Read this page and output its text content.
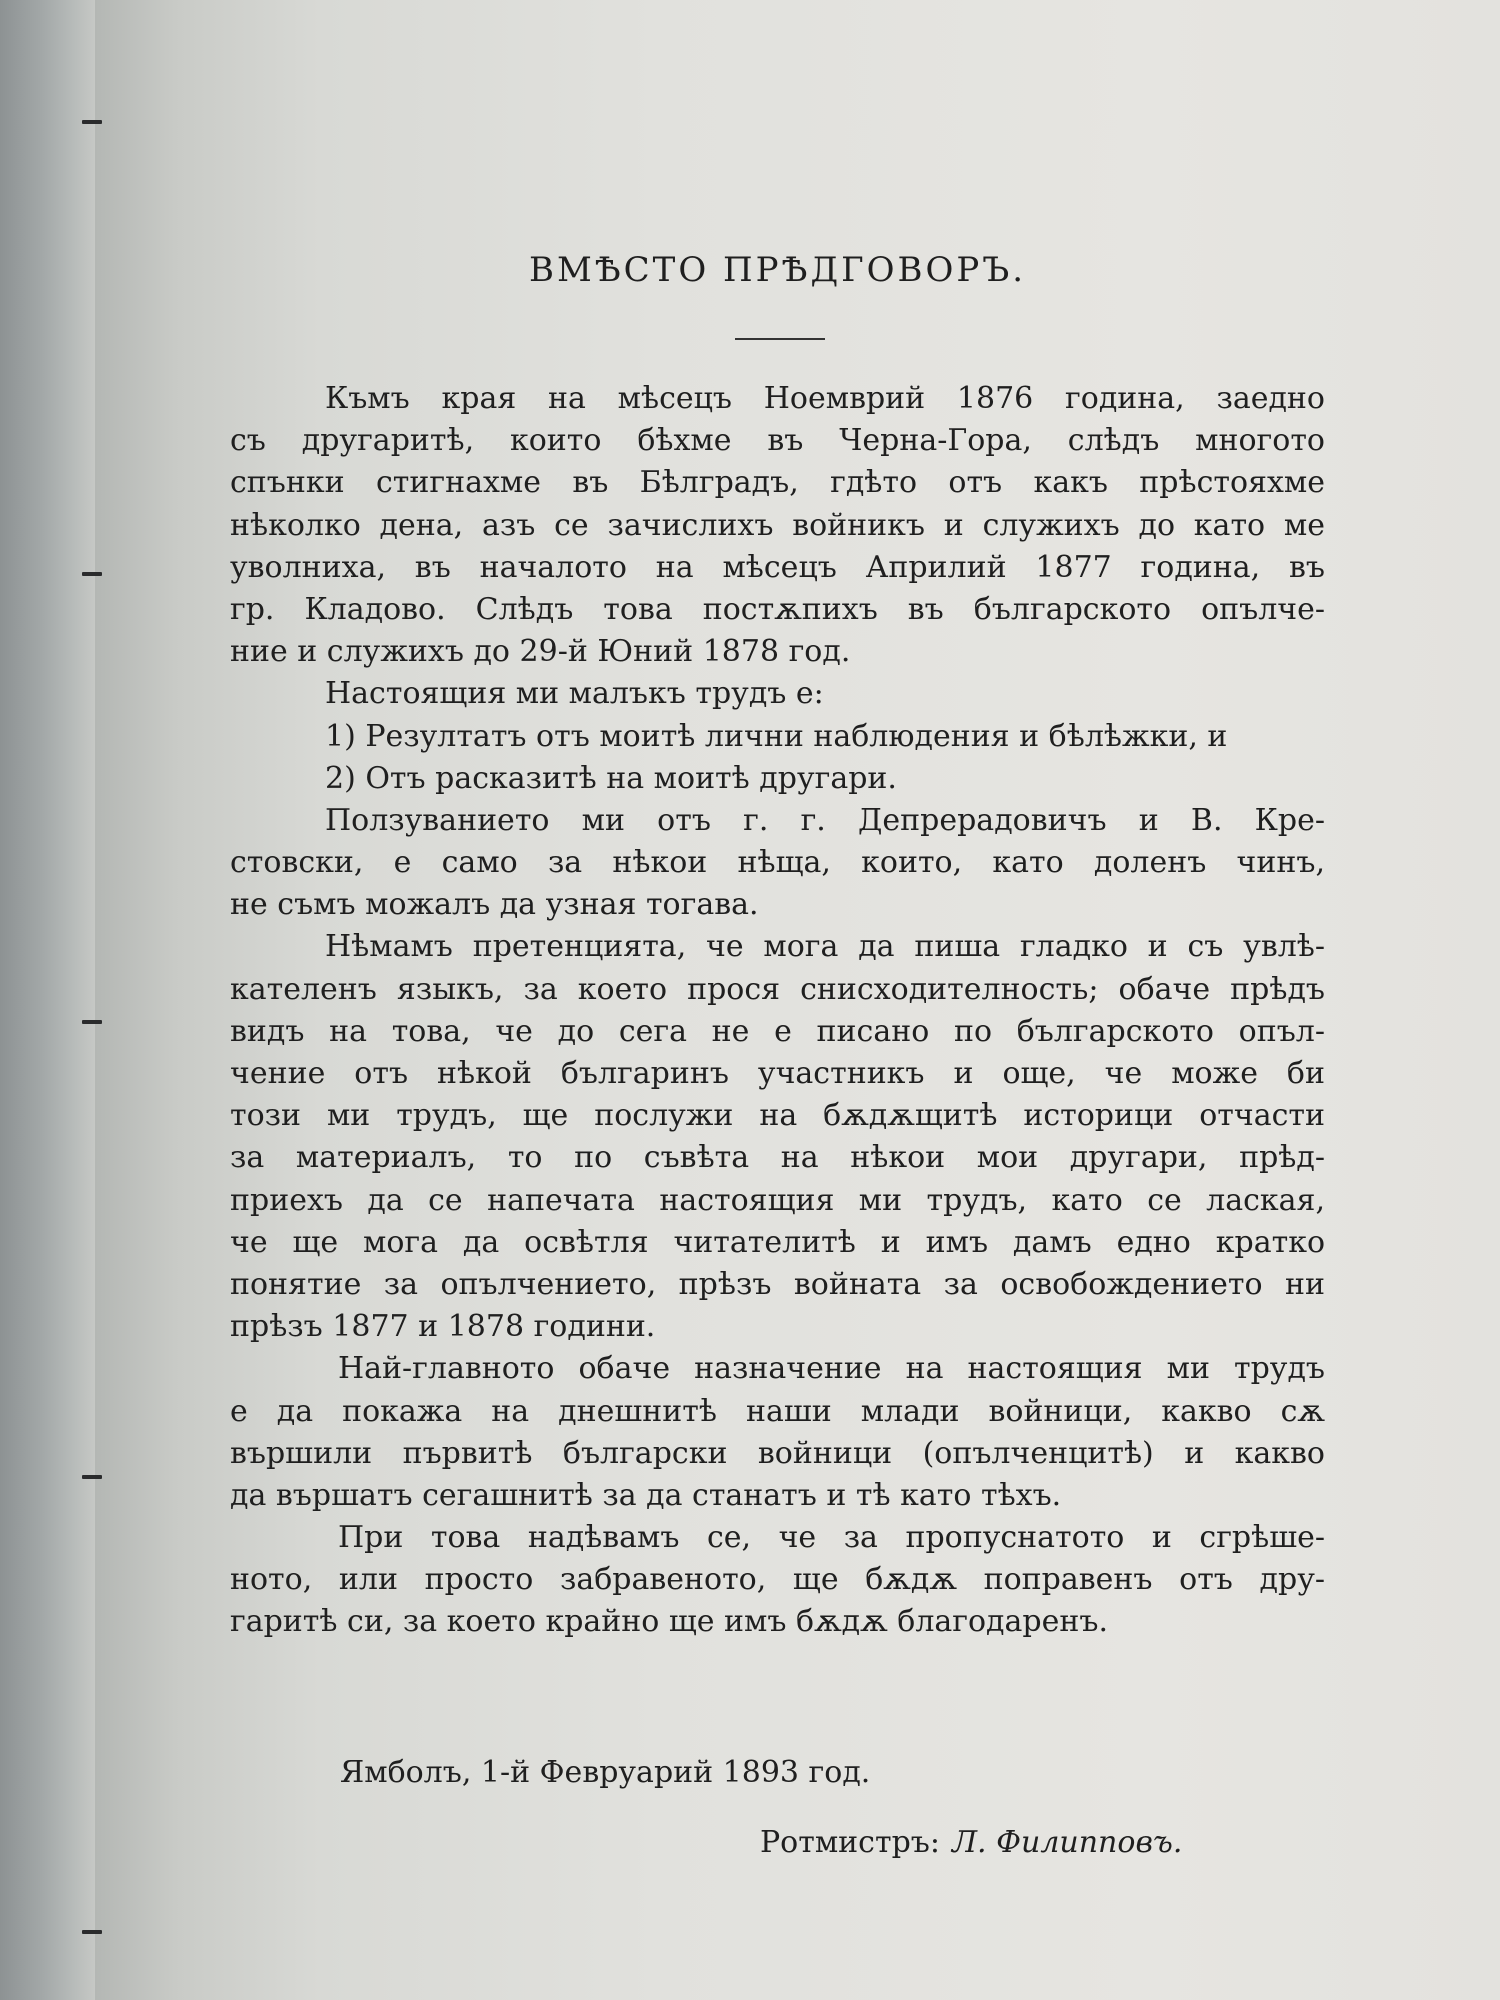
ВМѢСТО ПРѢДГОВОРЪ.
Къмъ края на мѣсецъ Ноемврий 1876 година, заедно
съ другаритѣ, които бѣхме въ Черна-Гора, слѣдъ многото
спънки стигнахме въ Бѣлградъ, гдѣто отъ какъ прѣстояхме
нѣколко дена, азъ се зачислихъ войникъ и служихъ до като ме
уволниха, въ началото на мѣсецъ Априлий 1877 година, въ
гр. Кладово. Слѣдъ това постѫпихъ въ българското опълче-
ние и служихъ до 29-й Юний 1878 год.
Настоящия ми малъкъ трудъ е:
1) Резултатъ отъ моитѣ лични наблюдения и бѣлѣжки, и
2) Отъ расказитѣ на моитѣ другари.
Ползуванието ми отъ г. г. Депрерадовичъ и В. Кре-
стовски, е само за нѣкои нѣща, които, като доленъ чинъ,
не съмъ можалъ да узная тогава.
Нѣмамъ претенцията, че мога да пиша гладко и съ увлѣ-
кателенъ языкъ, за което прося снисходителность; обаче прѣдъ
видъ на това, че до сега не е писано по българското опъл-
чение отъ нѣкой българинъ участникъ и още, че може би
този ми трудъ, ще послужи на бѫдѫщитѣ историци отчасти
за материалъ, то по съвѣта на нѣкои мои другари, прѣд-
приехъ да се напечата настоящия ми трудъ, като се лаская,
че ще мога да освѣтля читателитѣ и имъ дамъ едно кратко
понятие за опълчението, прѣзъ войната за освобождението ни
прѣзъ 1877 и 1878 години.
Най-главното обаче назначение на настоящия ми трудъ
е да покажа на днешнитѣ наши млади войници, какво сѫ
вършили първитѣ български войници (опълченцитѣ) и какво
да вършатъ сегашнитѣ за да станатъ и тѣ като тѣхъ.
При това надѣвамъ се, че за пропуснатото и сгрѣше-
ното, или просто забравеното, ще бѫдѫ поправенъ отъ дру-
гаритѣ си, за което крайно ще имъ бѫдѫ благодаренъ.
Ямболъ, 1-й Февруарий 1893 год.
Ротмистръ: Л. Филипповъ.
